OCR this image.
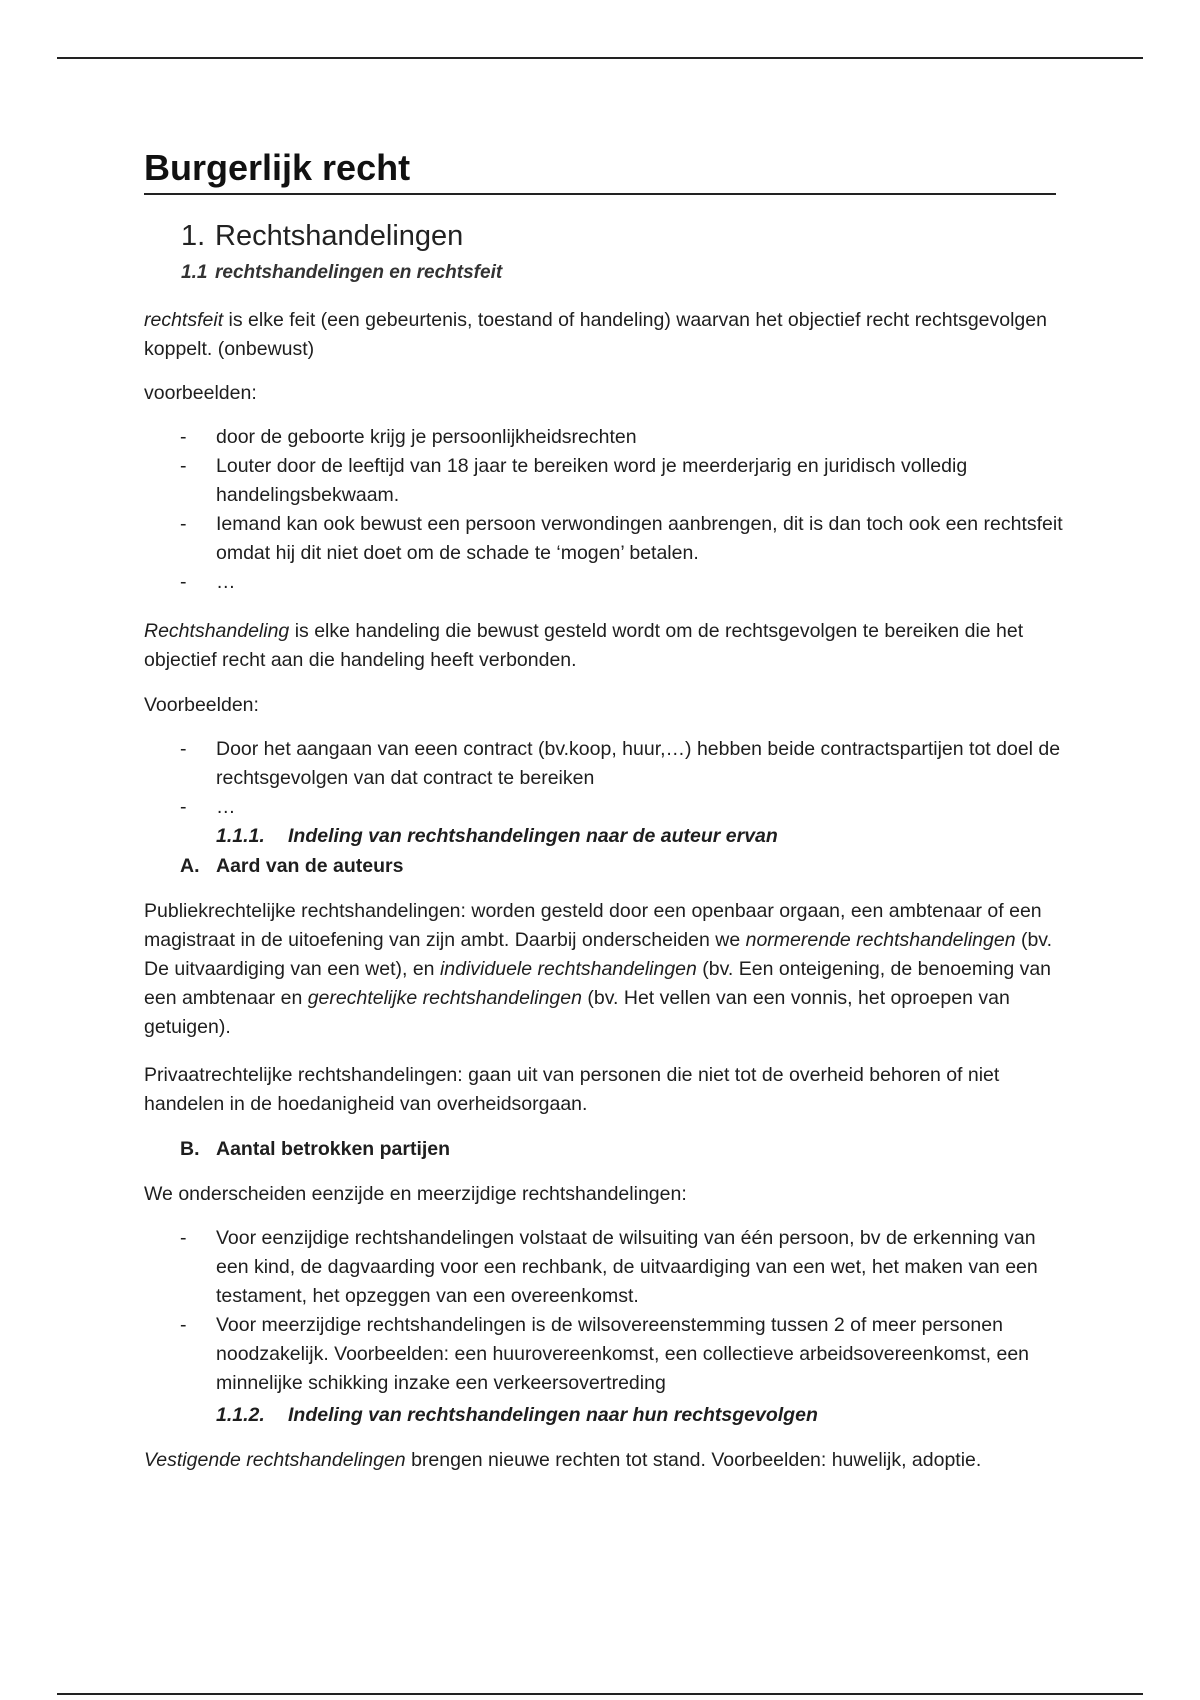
Burgerlijk recht
1. Rechtshandelingen
1.1 rechtshandelingen en rechtsfeit

rechtsfeit is elke feit (een gebeurtenis, toestand of handeling) waarvan het objectief recht rechtsgevolgen koppelt. (onbewust)

voorbeelden:

- door de geboorte krijg je persoonlijkheidsrechten
- Louter door de leeftijd van 18 jaar te bereiken word je meerderjarig en juridisch volledig handelingsbekwaam.
- Iemand kan ook bewust een persoon verwondingen aanbrengen, dit is dan toch ook een rechtsfeit omdat hij dit niet doet om de schade te ‘mogen’ betalen.
- …

Rechtshandeling is elke handeling die bewust gesteld wordt om de rechtsgevolgen te bereiken die het objectief recht aan die handeling heeft verbonden.

Voorbeelden:

- Door het aangaan van eeen contract (bv.koop, huur,…) hebben beide contractspartijen tot doel de rechtsgevolgen van dat contract te bereiken
- …
1.1.1. Indeling van rechtshandelingen naar de auteur ervan
A. Aard van de auteurs

Publiekrechtelijke rechtshandelingen: worden gesteld door een openbaar orgaan, een ambtenaar of een magistraat in de uitoefening van zijn ambt. Daarbij onderscheiden we normerende rechtshandelingen (bv. De uitvaardiging van een wet), en individuele rechtshandelingen (bv. Een onteigening, de benoeming van een ambtenaar en gerechtelijke rechtshandelingen (bv. Het vellen van een vonnis, het oproepen van getuigen).

Privaatrechtelijke rechtshandelingen: gaan uit van personen die niet tot de overheid behoren of niet handelen in de hoedanigheid van overheidsorgaan.

B. Aantal betrokken partijen

We onderscheiden eenzijde en meerzijdige rechtshandelingen:

- Voor eenzijdige rechtshandelingen volstaat de wilsuiting van één persoon, bv de erkenning van een kind, de dagvaarding voor een rechbank, de uitvaardiging van een wet, het maken van een testament, het opzeggen van een overeenkomst.
- Voor meerzijdige rechtshandelingen is de wilsovereenstemming tussen 2 of meer personen noodzakelijk. Voorbeelden: een huurovereenkomst, een collectieve arbeidsovereenkomst, een minnelijke schikking inzake een verkeersovertreding
1.1.2. Indeling van rechtshandelingen naar hun rechtsgevolgen

Vestigende rechtshandelingen brengen nieuwe rechten tot stand. Voorbeelden: huwelijk, adoptie.
